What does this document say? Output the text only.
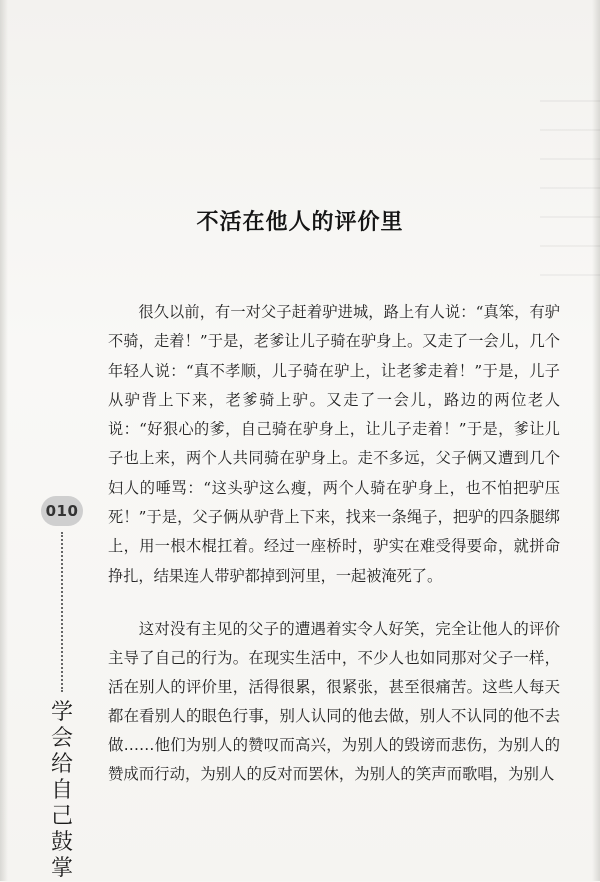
不活在他人的评价里

很久以前，有一对父子赶着驴进城，路上有人说：“真笨，有驴不骑，走着！”于是，老爹让儿子骑在驴身上。又走了一会儿，几个年轻人说：“真不孝顺，儿子骑在驴上，让老爹走着！”于是，儿子从驴背上下来，老爹骑上驴。又走了一会儿，路边的两位老人说：“好狠心的爹，自己骑在驴身上，让儿子走着！”于是，爹让儿子也上来，两个人共同骑在驴身上。走不多远，父子俩又遭到几个妇人的唾骂：“这头驴这么瘦，两个人骑在驴身上，也不怕把驴压死！”于是，父子俩从驴背上下来，找来一条绳子，把驴的四条腿绑上，用一根木棍扛着。经过一座桥时，驴实在难受得要命，就拼命挣扎，结果连人带驴都掉到河里，一起被淹死了。

这对没有主见的父子的遭遇着实令人好笑，完全让他人的评价主导了自己的行为。在现实生活中，不少人也如同那对父子一样，活在别人的评价里，活得很累，很紧张，甚至很痛苦。这些人每天都在看别人的眼色行事，别人认同的他去做，别人不认同的他不去做……他们为别人的赞叹而高兴，为别人的毁谤而悲伤，为别人的赞成而行动，为别人的反对而罢休，为别人的笑声而歌唱，为别人

010
学会给自己鼓掌
